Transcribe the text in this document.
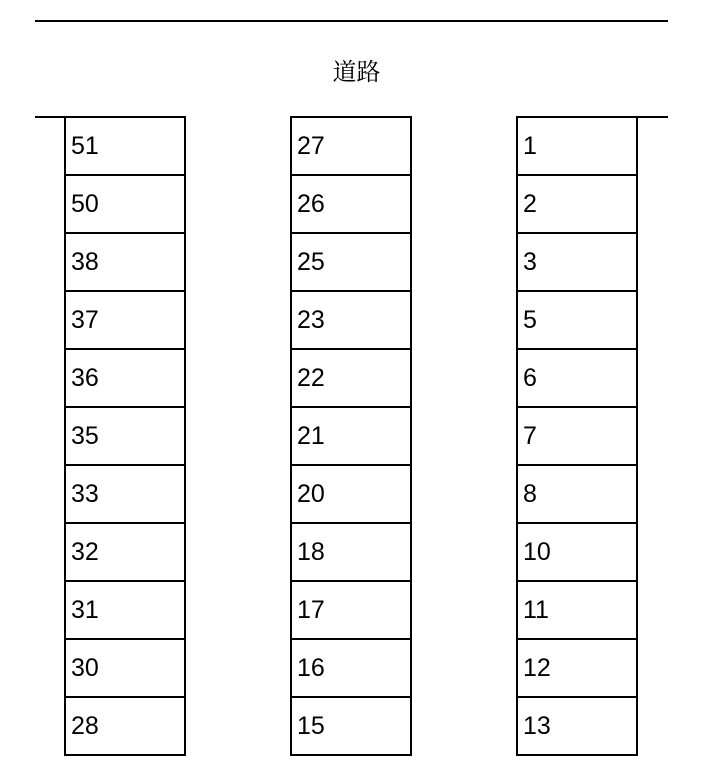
道路
51
50
38
37
36
35
33
32
31
30
28
27
26
25
23
22
21
20
18
17
16
15
1
2
3
5
6
7
8
10
11
12
13
